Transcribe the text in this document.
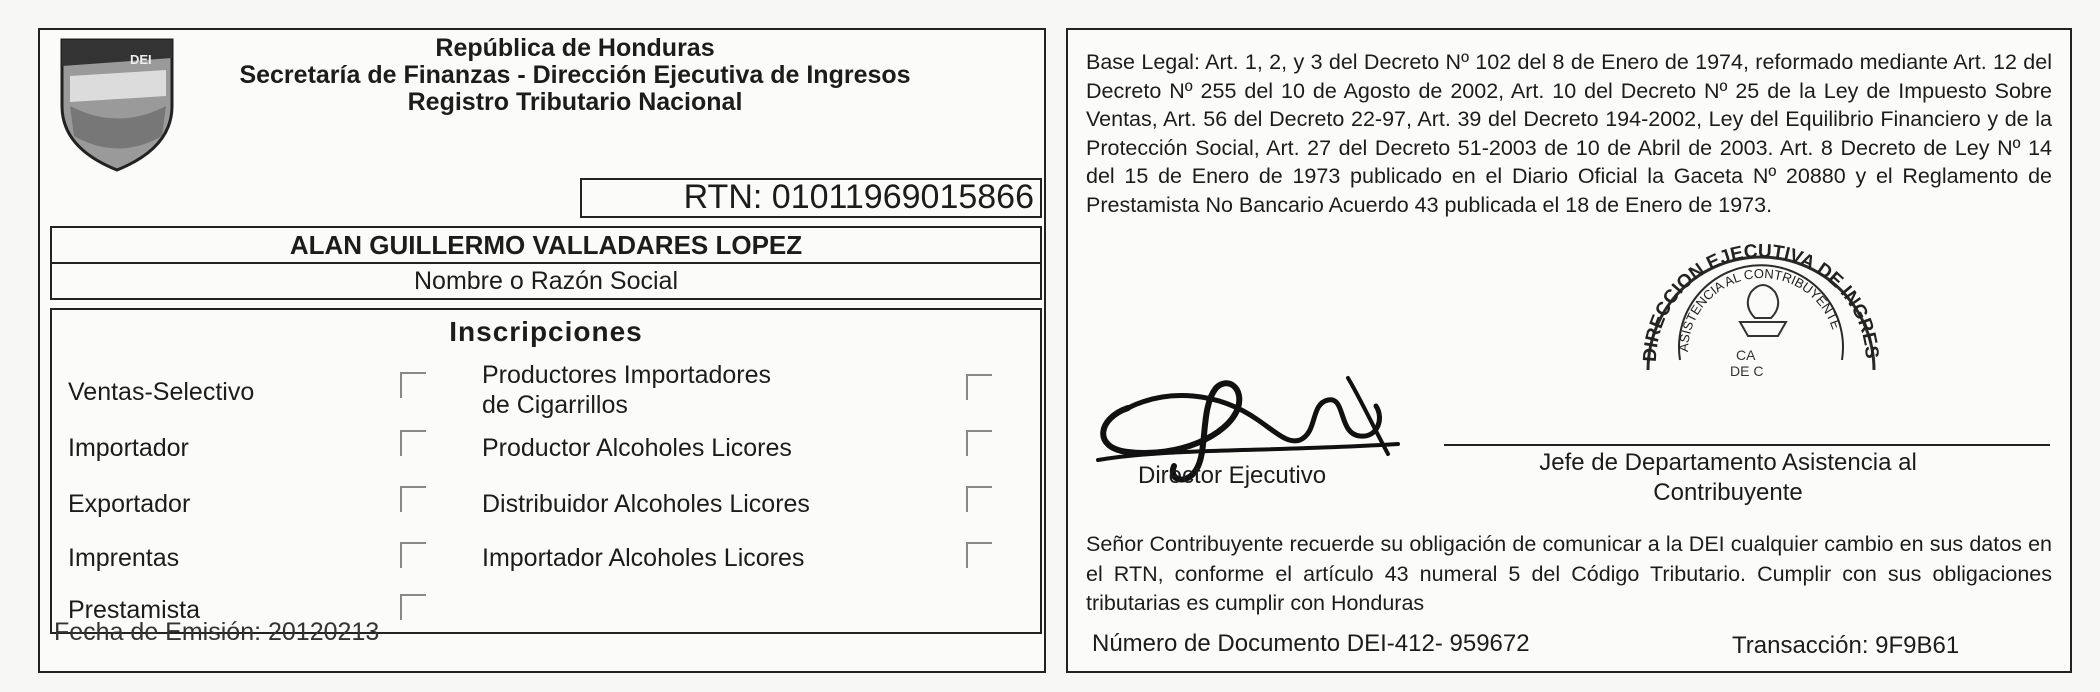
DEI	República de Honduras
Secretaría de Finanzas - Dirección Ejecutiva de Ingresos
Registro Tributario Nacional
RTN: 01011969015866
ALAN GUILLERMO VALLADARES LOPEZ
Nombre o Razón Social
Inscripciones
Ventas-Selectivo
Importador
Exportador
Imprentas
Prestamista
Productores Importadores
de Cigarrillos
Productor Alcoholes Licores
Distribuidor Alcoholes Licores
Importador Alcoholes Licores
Fecha de Emisión: 20120213
Base Legal: Art. 1, 2, y 3 del Decreto Nº 102 del 8 de Enero de 1974, reformado mediante Art. 12 del Decreto Nº 255 del 10 de Agosto de 2002, Art. 10 del Decreto Nº 25 de la Ley de Impuesto Sobre Ventas, Art. 56 del Decreto 22-97, Art. 39 del Decreto 194-2002, Ley del Equilibrio Financiero y de la Protección Social, Art. 27 del Decreto 51-2003 de 10 de Abril de 2003. Art. 8 Decreto de Ley Nº 14 del 15 de Enero de 1973 publicado en el Diario Oficial la Gaceta Nº 20880 y el Reglamento de Prestamista No Bancario Acuerdo 43 publicada el 18 de Enero de 1973.
DIRECCION EJECUTIVA DE INGRES
ASISTENCIA AL CONTRIBUYENTE
CA
DE C
Director Ejecutivo	Jefe de Departamento Asistencia al
Contribuyente
Señor Contribuyente recuerde su obligación de comunicar a la DEI cualquier cambio en sus datos en el RTN, conforme el artículo 43 numeral 5 del Código Tributario. Cumplir con sus obligaciones tributarias es cumplir con Honduras
Número de Documento DEI-412- 959672	Transacción: 9F9B61
